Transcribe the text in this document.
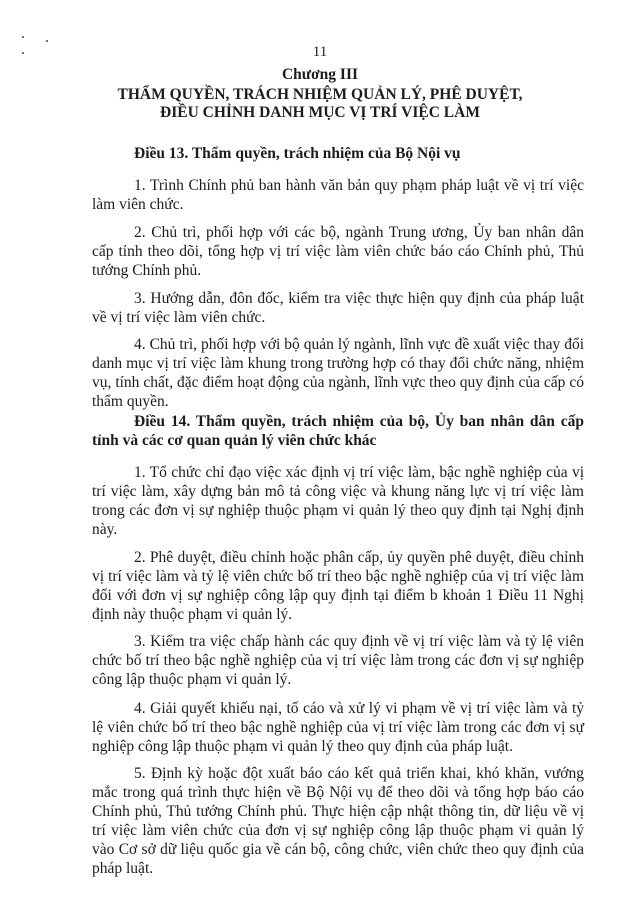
11
Chương III
THẨM QUYỀN, TRÁCH NHIỆM QUẢN LÝ, PHÊ DUYỆT,
ĐIỀU CHỈNH DANH MỤC VỊ TRÍ VIỆC LÀM
Điều 13. Thẩm quyền, trách nhiệm của Bộ Nội vụ
1. Trình Chính phủ ban hành văn bản quy phạm pháp luật về vị trí việc làm viên chức.
2. Chủ trì, phối hợp với các bộ, ngành Trung ương, Ủy ban nhân dân cấp tỉnh theo dõi, tổng hợp vị trí việc làm viên chức báo cáo Chính phủ, Thủ tướng Chính phủ.
3. Hướng dẫn, đôn đốc, kiểm tra việc thực hiện quy định của pháp luật về vị trí việc làm viên chức.
4. Chủ trì, phối hợp với bộ quản lý ngành, lĩnh vực đề xuất việc thay đổi danh mục vị trí việc làm khung trong trường hợp có thay đổi chức năng, nhiệm vụ, tính chất, đặc điểm hoạt động của ngành, lĩnh vực theo quy định của cấp có thẩm quyền.
Điều 14. Thẩm quyền, trách nhiệm của bộ, Ủy ban nhân dân cấp tỉnh và các cơ quan quản lý viên chức khác
1. Tổ chức chỉ đạo việc xác định vị trí việc làm, bậc nghề nghiệp của vị trí việc làm, xây dựng bản mô tả công việc và khung năng lực vị trí việc làm trong các đơn vị sự nghiệp thuộc phạm vi quản lý theo quy định tại Nghị định này.
2. Phê duyệt, điều chỉnh hoặc phân cấp, ủy quyền phê duyệt, điều chỉnh vị trí việc làm và tỷ lệ viên chức bố trí theo bậc nghề nghiệp của vị trí việc làm đối với đơn vị sự nghiệp công lập quy định tại điểm b khoản 1 Điều 11 Nghị định này thuộc phạm vi quản lý.
3. Kiểm tra việc chấp hành các quy định về vị trí việc làm và tỷ lệ viên chức bố trí theo bậc nghề nghiệp của vị trí việc làm trong các đơn vị sự nghiệp công lập thuộc phạm vi quản lý.
4. Giải quyết khiếu nại, tố cáo và xử lý vi phạm về vị trí việc làm và tỷ lệ viên chức bố trí theo bậc nghề nghiệp của vị trí việc làm trong các đơn vị sự nghiệp công lập thuộc phạm vi quản lý theo quy định của pháp luật.
5. Định kỳ hoặc đột xuất báo cáo kết quả triển khai, khó khăn, vướng mắc trong quá trình thực hiện về Bộ Nội vụ để theo dõi và tổng hợp báo cáo Chính phủ, Thủ tướng Chính phủ. Thực hiện cập nhật thông tin, dữ liệu về vị trí việc làm viên chức của đơn vị sự nghiệp công lập thuộc phạm vi quản lý vào Cơ sở dữ liệu quốc gia về cán bộ, công chức, viên chức theo quy định của pháp luật.
